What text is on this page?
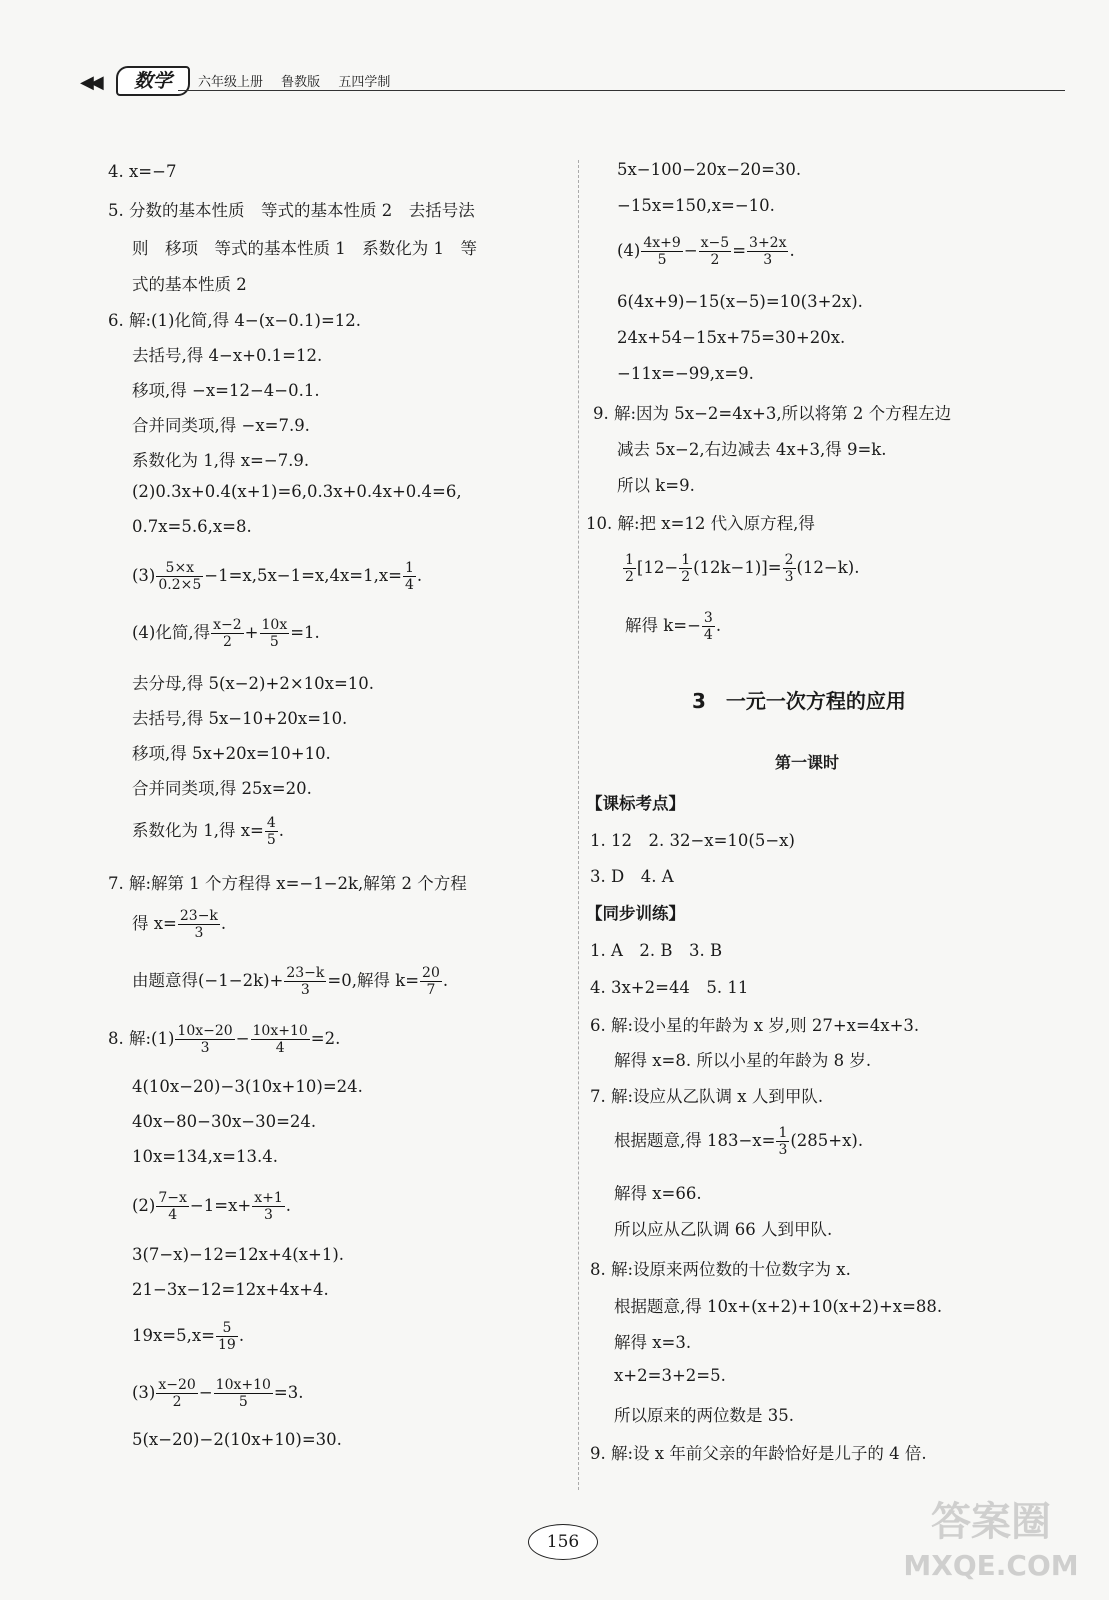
◀◀	数学	六年级上册 鲁教版 五四学制
4. x=−7
5. 分数的基本性质　等式的基本性质 2　去括号法
则　移项　等式的基本性质 1　系数化为 1　等
式的基本性质 2
6. 解:(1)化简,得 4−(x−0.1)=12.
去括号,得 4−x+0.1=12.
移项,得 −x=12−4−0.1.
合并同类项,得 −x=7.9.
系数化为 1,得 x=−7.9.
(2)0.3x+0.4(x+1)=6,0.3x+0.4x+0.4=6,
0.7x=5.6,x=8.
$(3) \frac{5\times x}{0.2\times 5} -1=x,5x-1=x,4x=1,x= \frac{1}{4}$ .
(4)化简,得 $\frac{x-2}{2} + \frac{10x}{5} =1$.
去分母,得 5(x−2)+2×10x=10.
去括号,得 5x−10+20x=10.
移项,得 5x+20x=10+10.
合并同类项,得 25x=20.
系数化为 1,得 $x= \frac{4}{5}$ .
7. 解:解第 1 个方程得 x=−1−2k,解第 2 个方程
得 $x= \frac{23-k}{3}$ .
由题意得$(-1-2k)+ \frac{23-k}{3} =0$,解得 $k= \frac{20}{7}$ .
8. 解:(1) $\frac{10x-20}{3} - \frac{10x+10}{4} =2$.
4(10x−20)−3(10x+10)=24.
40x−80−30x−30=24.
10x=134,x=13.4.
$(2) \frac{7-x}{4} -1=x+ \frac{x+1}{3}$ .
3(7−x)−12=12x+4(x+1).
21−3x−12=12x+4x+4.
$19x=5,x= \frac{5}{19}$ .
$(3) \frac{x-20}{2} - \frac{10x+10}{5} =3$.
5(x−20)−2(10x+10)=30.
5x−100−20x−20=30.
−15x=150,x=−10.
$(4) \frac{4x+9}{5} - \frac{x-5}{2} = \frac{3+2x}{3}$ .
6(4x+9)−15(x−5)=10(3+2x).
24x+54−15x+75=30+20x.
−11x=−99,x=9.
9. 解:因为 5x−2=4x+3,所以将第 2 个方程左边
减去 5x−2,右边减去 4x+3,得 9=k.
所以 k=9.
10. 解:把 x=12 代入原方程,得
$\frac{1}{2} [12- \frac{1}{2} (12k-1)]= \frac{2}{3} (12-k)$.
解得 $k=- \frac{3}{4}$ .
3　一元一次方程的应用
第一课时
【课标考点】
1. 12　2. 32−x=10(5−x)
3. D　4. A
【同步训练】
1. A　2. B　3. B
4. 3x+2=44　5. 11
6. 解:设小星的年龄为 x 岁,则 27+x=4x+3.
解得 x=8. 所以小星的年龄为 8 岁.
7. 解:设应从乙队调 x 人到甲队.
根据题意,得 $183-x= \frac{1}{3} (285+x)$.
解得 x=66.
所以应从乙队调 66 人到甲队.
8. 解:设原来两位数的十位数字为 x.
根据题意,得 10x+(x+2)+10(x+2)+x=88.
解得 x=3.
x+2=3+2=5.
所以原来的两位数是 35.
9. 解:设 x 年前父亲的年龄恰好是儿子的 4 倍.
156	答案圈
MXQE.COM
